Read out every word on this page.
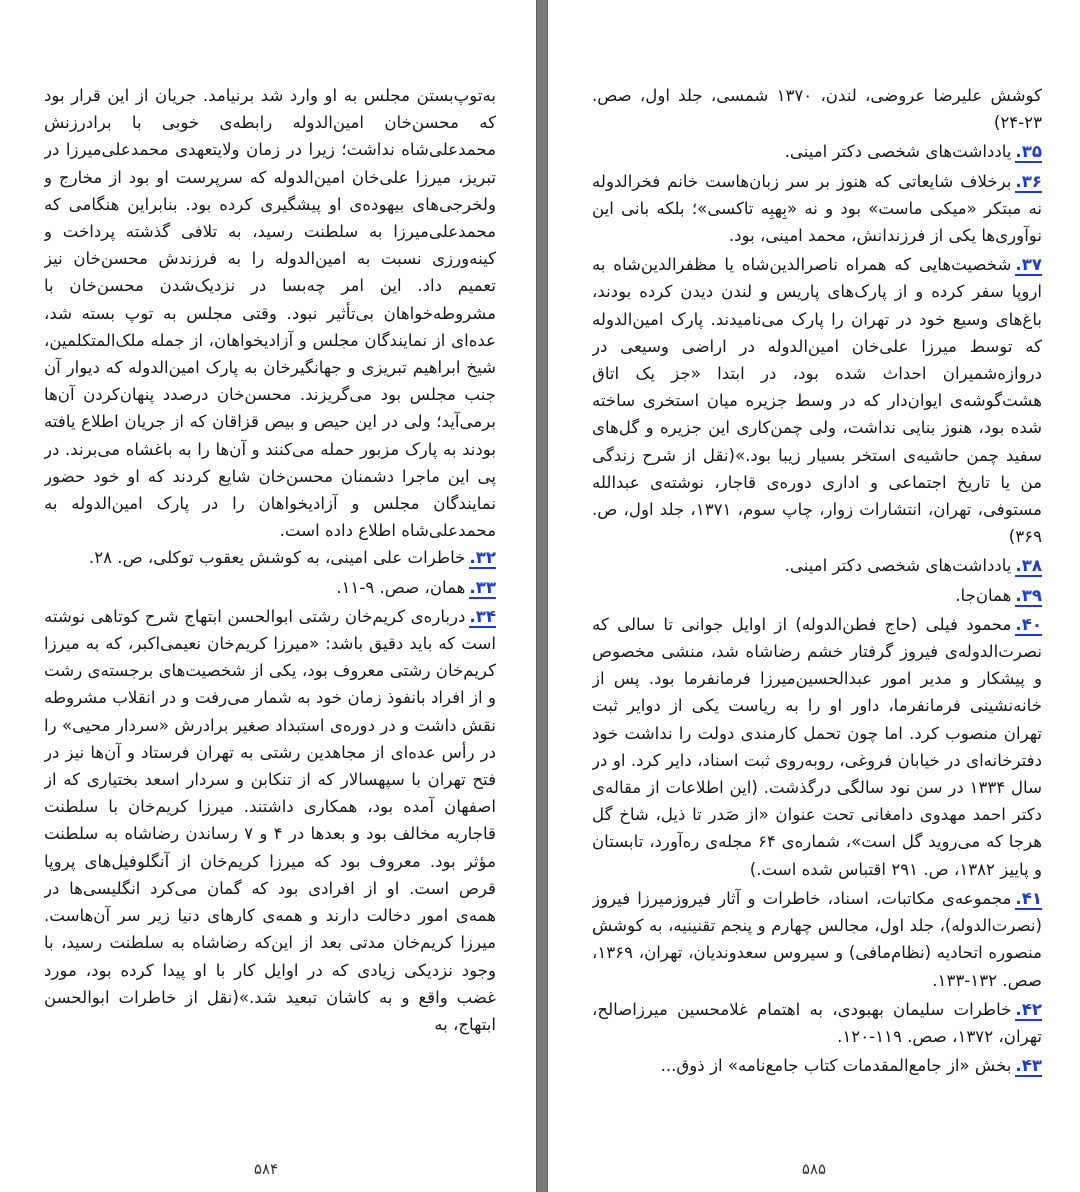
به‌توپ‌بستن مجلس به او وارد شد برنیامد. جریان از این قرار بود که محسن‌خان امین‌الدوله رابطه‌ی خوبی با برادرزنش محمدعلی‌شاه نداشت؛ زیرا در زمان ولایتعهدی محمدعلی‌میرزا در تبریز، میرزا علی‌خان امین‌الدوله که سرپرست او بود از مخارج و ولخرجی‌های بیهوده‌ی او پیشگیری کرده بود. بنابراین هنگامی که محمدعلی‌میرزا به سلطنت رسید، به تلافی گذشته پرداخت و کینه‌ورزی نسبت به امین‌الدوله را به فرزندش محسن‌خان نیز تعمیم داد. این امر چه‌بسا در نزدیک‌شدن محسن‌خان با مشروطه‌خواهان بی‌تأثیر نبود. وقتی مجلس به توپ بسته شد، عده‌ای از نمایندگان مجلس و آزادیخواهان، از جمله ملک‌المتکلمین، شیخ ابراهیم تبریزی و جهانگیرخان به پارک امین‌الدوله که دیوار آن جنب مجلس بود می‌گریزند. محسن‌خان درصدد پنهان‌کردن آن‌ها برمی‌آید؛ ولی در این حیص و بیص قزاقان که از جریان اطلاع یافته بودند به پارک مزبور حمله می‌کنند و آن‌ها را به باغشاه می‌برند. در پی این ماجرا دشمنان محسن‌خان شایع کردند که او خود حضور نمایندگان مجلس و آزادیخواهان را در پارک امین‌الدوله به محمدعلی‌شاه اطلاع داده است.

۳۲.خاطرات علی امینی، به کوشش یعقوب توکلی، ص. ۲۸.

۳۳.همان، صص. ۹-۱۱.

۳۴.درباره‌ی کریم‌خان رشتی ابوالحسن ابتهاج شرح کوتاهی نوشته است که باید دقیق باشد: «میرزا کریم‌خان نعیمی‌اکبر، که به میرزا کریم‌خان رشتی معروف بود، یکی از شخصیت‌های برجسته‌ی رشت و از افراد بانفوذ زمان خود به شمار می‌رفت و در انقلاب مشروطه نقش داشت و در دوره‌ی استبداد صغیر برادرش «سردار محیی» را در رأس عده‌ای از مجاهدین رشتی به تهران فرستاد و آن‌ها نیز در فتح تهران با سپهسالار که از تنکابن و سردار اسعد بختیاری که از اصفهان آمده بود، همکاری داشتند. میرزا کریم‌خان با سلطنت قاجاریه مخالف بود و بعدها در ۴ و ۷ رساندن رضاشاه به سلطنت مؤثر بود. معروف بود که میرزا کریم‌خان از آنگلوفیل‌های پروپا قرص است. او از افرادی بود که گمان می‌کرد انگلیسی‌ها در همه‌ی امور دخالت دارند و همه‌ی کارهای دنیا زیر سر آن‌هاست. میرزا کریم‌خان مدتی بعد از این‌که رضاشاه به سلطنت رسید، با وجود نزدیکی زیادی که در اوایل کار با او پیدا کرده بود، مورد غضب واقع و به کاشان تبعید شد.»(نقل از خاطرات ابوالحسن ابتهاج، به

۵۸۴

کوشش علیرضا عروضی، لندن، ۱۳۷۰ شمسی، جلد اول، صص. ۲۳-۲۴)

۳۵.یادداشت‌های شخصی دکتر امینی.

۳۶.برخلاف شایعاتی که هنوز بر سر زبان‌هاست خانم فخرالدوله نه مبتکر «میکی ماست» بود و نه «بِهبِه تاکسی»؛ بلکه بانی این نوآوری‌ها یکی از فرزندانش، محمد امینی، بود.

۳۷.شخصیت‌هایی که همراه ناصرالدین‌شاه یا مظفرالدین‌شاه به اروپا سفر کرده و از پارک‌های پاریس و لندن دیدن کرده بودند، باغ‌های وسیع خود در تهران را پارک می‌نامیدند. پارک امین‌الدوله که توسط میرزا علی‌خان امین‌الدوله در اراضی وسیعی در دروازه‌شمیران احداث شده بود، در ابتدا «جز یک اتاق هشت‌گوشه‌ی ایوان‌دار که در وسط جزیره میان استخری ساخته شده بود، هنوز بنایی نداشت، ولی چمن‌کاری این جزیره و گل‌های سفید چمن حاشیه‌ی استخر بسیار زیبا بود.»(نقل از شرح زندگی من یا تاریخ اجتماعی و اداری دوره‌ی قاجار، نوشته‌ی عبدالله مستوفی، تهران، انتشارات زوار، چاپ سوم، ۱۳۷۱، جلد اول، ص. ۳۶۹)

۳۸.یادداشت‌های شخصی دکتر امینی.

۳۹.همان‌جا.

۴۰.محمود فیلی (حاج فطن‌الدوله) از اوایل جوانی تا سالی که نصرت‌الدوله‌ی فیروز گرفتار خشم رضاشاه شد، منشی مخصوص و پیشکار و مدیر امور عبدالحسین‌میرزا فرمانفرما بود. پس از خانه‌نشینی فرمانفرما، داور او را به ریاست یکی از دوایر ثبت تهران منصوب کرد. اما چون تحمل کارمندی دولت را نداشت خود دفترخانه‌ای در خیابان فروغی، روبه‌روی ثبت اسناد، دایر کرد. او در سال ۱۳۳۴ در سن نود سالگی درگذشت. (این اطلاعات از مقاله‌ی دکتر احمد مهدوی دامغانی تحت عنوان «از صَدر تا ذیل، شاخ گل هرجا که می‌روید گل است»، شماره‌ی ۶۴ مجله‌ی ره‌آورد، تابستان و پاییز ۱۳۸۲، ص. ۲۹۱ اقتباس شده است.)

۴۱.مجموعه‌ی مکاتبات، اسناد، خاطرات و آثار فیروزمیرزا فیروز (نصرت‌الدوله)، جلد اول، مجالس چهارم و پنجم تقنینیه، به کوشش منصوره اتحادیه (نظام‌مافی) و سیروس سعدوندیان، تهران، ۱۳۶۹، صص. ۱۳۲-۱۳۳.

۴۲.خاطرات سلیمان بهبودی، به اهتمام غلامحسین میرزاصالح، تهران، ۱۳۷۲، صص. ۱۱۹-۱۲۰.

۴۳.بخش «از جامع‌المقدمات کتاب جامع‌نامه» از ذوق...

۵۸۵
